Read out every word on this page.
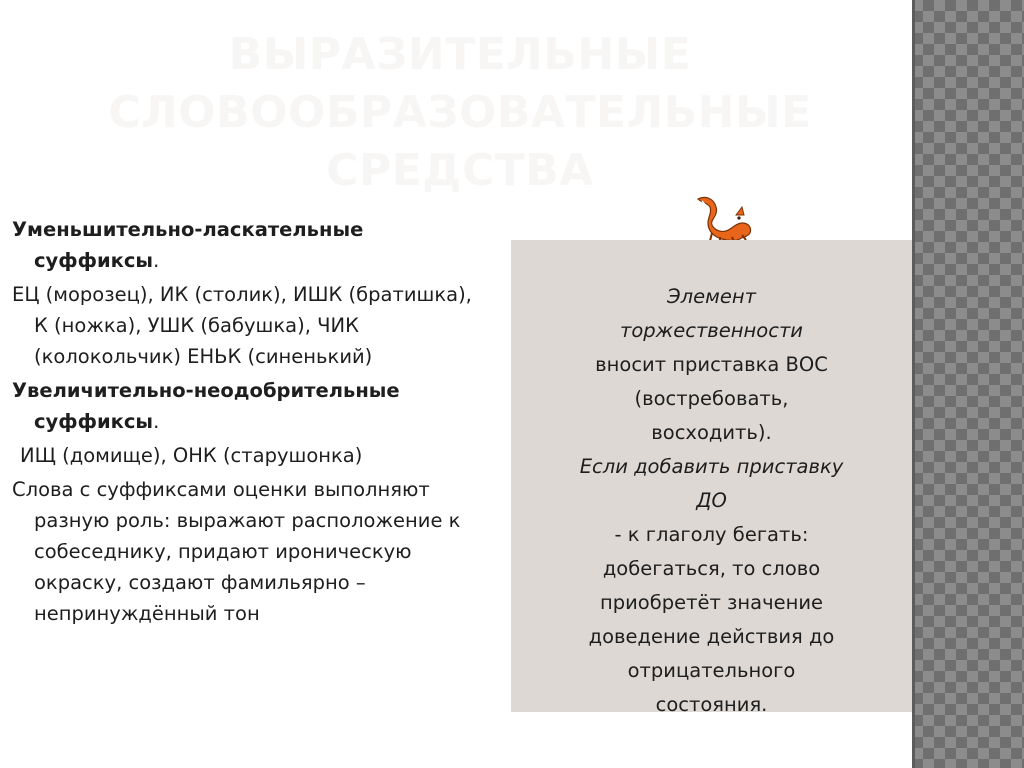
ВЫРАЗИТЕЛЬНЫЕ
СЛОВООБРАЗОВАТЕЛЬНЫЕ
СРЕДСТВА

Уменьшительно-ласкательные суффиксы.

ЕЦ (морозец), ИК (столик), ИШК (братишка), К (ножка), УШК (бабушка), ЧИК (колокольчик) ЕНЬК (синенький)

Увеличительно-неодобрительные суффиксы.

ИЩ (домище), ОНК (старушонка)

Слова с суффиксами оценки выполняют разную роль: выражают расположение к собеседнику, придают ироническую окраску, создают фамильярно – непринуждённый тон

Элемент
торжественности
вносит приставка ВОС
(востребовать,
восходить).
Если добавить приставку
ДО
- к глаголу бегать:
добегаться, то слово
приобретёт значение
доведение действия до
отрицательного
состояния.
